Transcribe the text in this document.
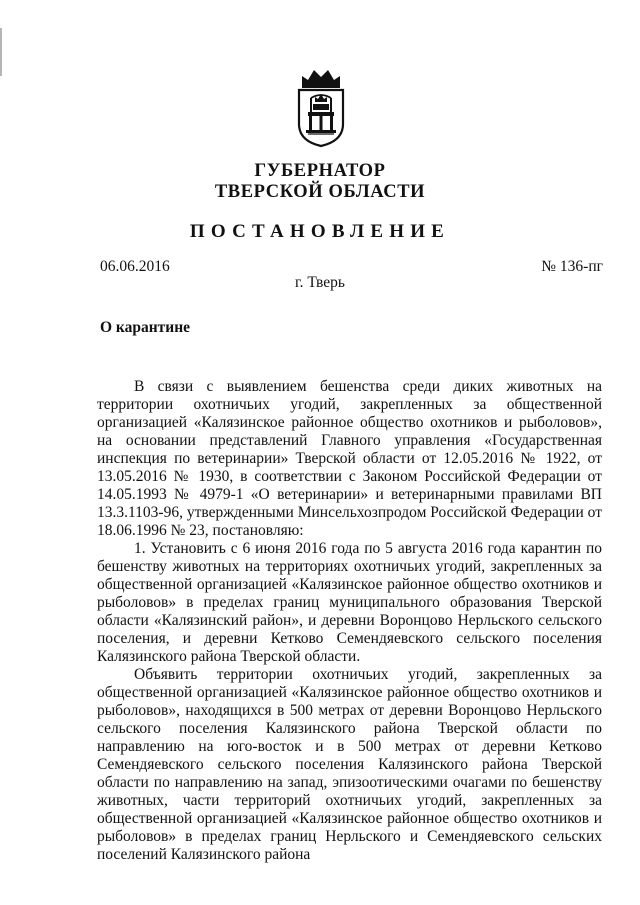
ГУБЕРНАТОР
ТВЕРСКОЙ ОБЛАСТИ
ПОСТАНОВЛЕНИЕ
06.06.2016	№ 136-пг
г. Тверь
О карантине

В связи с выявлением бешенства среди диких животных на территории охотничьих угодий, закрепленных за общественной организацией «Калязинское районное общество охотников и рыболовов», на основании представлений Главного управления «Государственная инспекция по ветеринарии» Тверской области от 12.05.2016 № 1922, от 13.05.2016 № 1930, в соответствии с Законом Российской Федерации от 14.05.1993 № 4979-1 «О ветеринарии» и ветеринарными правилами ВП 13.3.1103-96, утвержденными Минсельхозпродом Российской Федерации от 18.06.1996 № 23, постановляю:

1. Установить с 6 июня 2016 года по 5 августа 2016 года карантин по бешенству животных на территориях охотничьих угодий, закрепленных за общественной организацией «Калязинское районное общество охотников и рыболовов» в пределах границ муниципального образования Тверской области «Калязинский район», и деревни Воронцово Нерльского сельского поселения, и деревни Кетково Семендяевского сельского поселения Калязинского района Тверской области.

Объявить территории охотничьих угодий, закрепленных за общественной организацией «Калязинское районное общество охотников и рыболовов», находящихся в 500 метрах от деревни Воронцово Нерльского сельского поселения Калязинского района Тверской области по направлению на юго-восток и в 500 метрах от деревни Кетково Семендяевского сельского поселения Калязинского района Тверской области по направлению на запад, эпизоотическими очагами по бешенству животных, части территорий охотничьих угодий, закрепленных за общественной организацией «Калязинское районное общество охотников и рыболовов» в пределах границ Нерльского и Семендяевского сельских поселений Калязинского района
